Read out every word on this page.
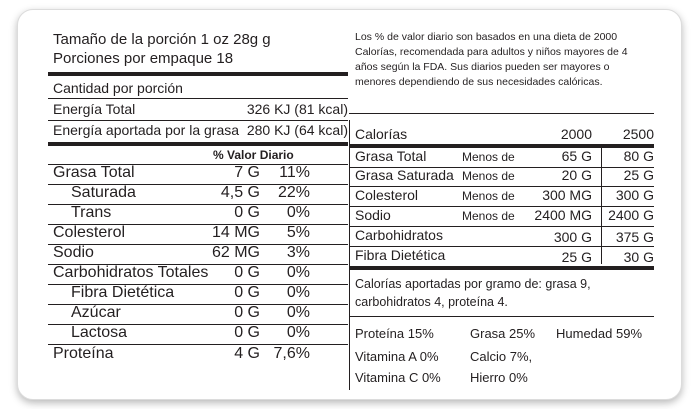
Tamaño de la porción 1 oz 28g g
Porciones por empaque 18
Cantidad por porción
Energía Total	326 KJ (81 kcal)
Energía aportada por la grasa 280 KJ (64 kcal)
% Valor Diario
Grasa Total	7 G 11%
Saturada	4,5 G 22%
Trans	0 G 0%
Colesterol	14 MG 5%
Sodio	62 MG 3%
Carbohidratos Totales 0 G 0%
Fibra Dietética	0 G 0%
Azúcar	0 G 0%
Lactosa	0 G 0%
Proteína	4 G 7,6%
Los % de valor diario son basados en una dieta de 2000 Calorías, recomendada para adultos y niños mayores de 4 años según la FDA. Sus diarios pueden ser mayores o menores dependiendo de sus necesidades calóricas.
Calorías	2000 2500
Grasa Total	Menos de	65 G 80 G
Grasa Saturada Menos de	20 G 25 G
Colesterol	Menos de 300 MG 300 G
Sodio	Menos de 2400 MG 2400 G
Carbohidratos	300 G 375 G
Fibra Dietética	25 G 30 G
Calorías aportadas por gramo de: grasa 9, carbohidratos 4, proteína 4.
Proteína 15%	Grasa 25% Humedad 59%
Vitamina A 0% Calcio 7%,
Vitamina C 0% Hierro 0%
